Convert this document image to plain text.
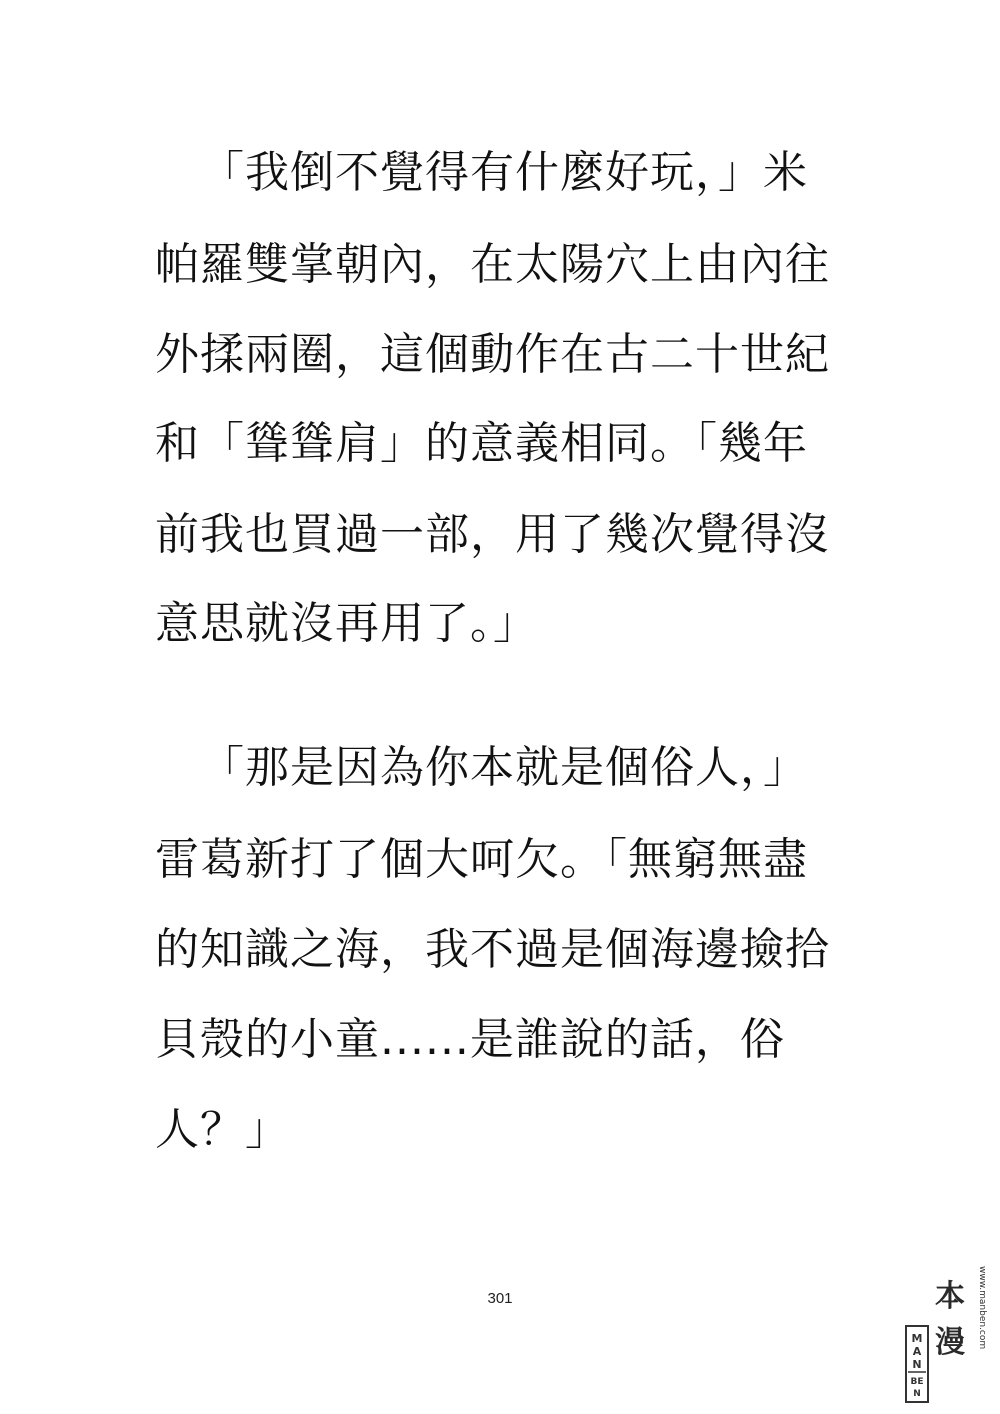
「我倒不覺得有什麼好玩，」米
帕羅雙掌朝內，在太陽穴上由內往
外揉兩圈，這個動作在古二十世紀
和「聳聳肩」的意義相同。「幾年
前我也買過一部，用了幾次覺得沒
意思就沒再用了。」
「那是因為你本就是個俗人，」
雷葛新打了個大呵欠。「無窮無盡
的知識之海，我不過是個海邊撿拾
貝殼的小童......是誰說的話，俗
人？」
301
M
A
N
BE
N
本
漫 www.manben.com
